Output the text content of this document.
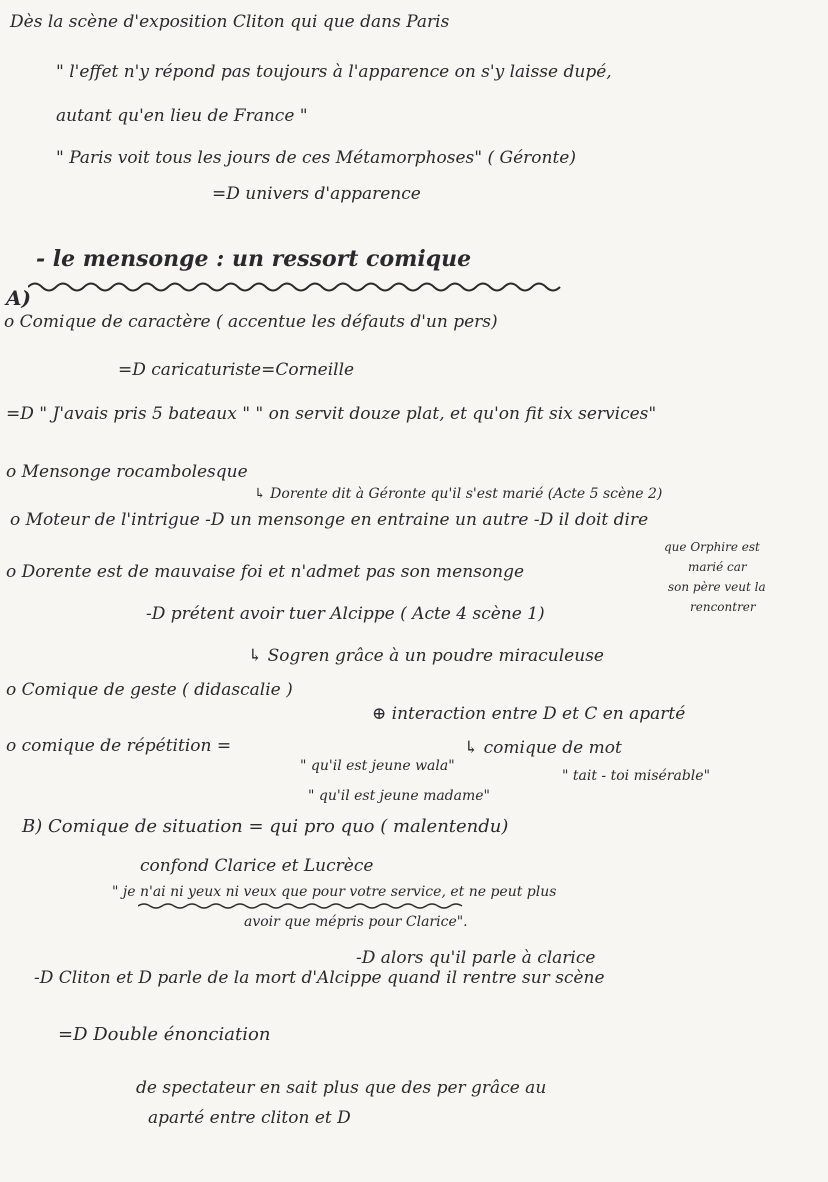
Dès la scène d'exposition Cliton qui que dans Paris
" l'effet n'y répond pas toujours à l'apparence on s'y laisse dupé,
autant qu'en lieu de France "
" Paris voit tous les jours de ces Métamorphoses" ( Géronte)
=D univers d'apparence
- le mensonge : un ressort comique
A)
o Comique de caractère ( accentue les défauts d'un pers)
=D caricaturiste=Corneille
=D " J'avais pris 5 bateaux " " on servit douze plat, et qu'on fit six services"
o Mensonge rocambolesque
↳ Dorente dit à Géronte qu'il s'est marié (Acte 5 scène 2)
o Moteur de l'intrigue -D un mensonge en entraine un autre -D il doit dire
que Orphire est
marié car
son père veut la
rencontrer
o Dorente est de mauvaise foi et n'admet pas son mensonge
-D prétent avoir tuer Alcippe ( Acte 4 scène 1)
↳ Sogren grâce à un poudre miraculeuse
o Comique de geste ( didascalie )
⊕ interaction entre D et C en aparté
o comique de répétition =
" qu'il est jeune wala"
↳ comique de mot
" qu'il est jeune madame"
" tait - toi misérable"
B) Comique de situation = qui pro quo ( malentendu)
confond Clarice et Lucrèce
" je n'ai ni yeux ni veux que pour votre service, et ne peut plus
avoir que mépris pour Clarice".
-D alors qu'il parle à clarice
-D Cliton et D parle de la mort d'Alcippe quand il rentre sur scène
=D Double énonciation
de spectateur en sait plus que des per grâce au
aparté entre cliton et D
